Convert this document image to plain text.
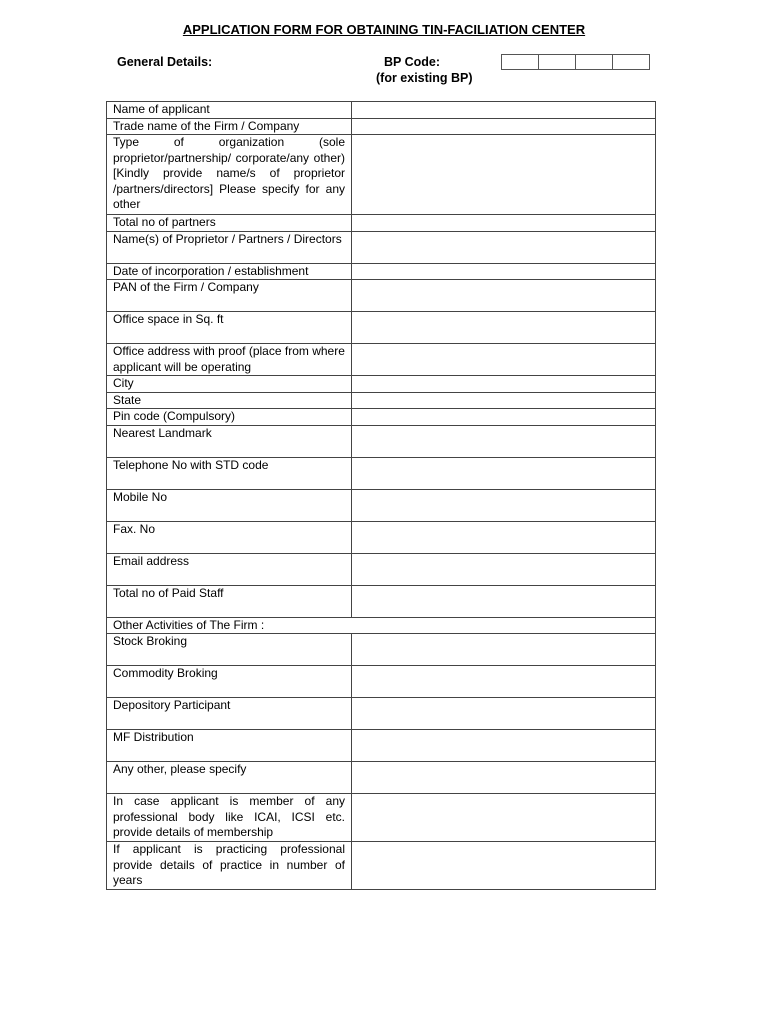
APPLICATION FORM FOR OBTAINING TIN-FACILIATION CENTER
General Details:	BP Code:
(for existing BP)
Name of applicant	
Trade name of the Firm / Company	
Type of organization (sole proprietor/partnership/ corporate/any other) [Kindly provide name/s of proprietor /partners/directors] Please specify for any other	
Total no of partners	
Name(s) of Proprietor / Partners / Directors	
Date of incorporation / establishment	
PAN of the Firm / Company	
Office space in Sq. ft	
Office address with proof (place from where applicant will be operating	
City	
State	
Pin code (Compulsory)	
Nearest Landmark	
Telephone No with STD code	
Mobile No	
Fax. No	
Email address	
Total no of Paid Staff	
Other Activities of The Firm :	
Stock Broking	
Commodity Broking	
Depository Participant	
MF Distribution	
Any other, please specify	
In case applicant is member of any professional body like ICAI, ICSI etc. provide details of membership	
If applicant is practicing professional provide details of practice in number of years	
